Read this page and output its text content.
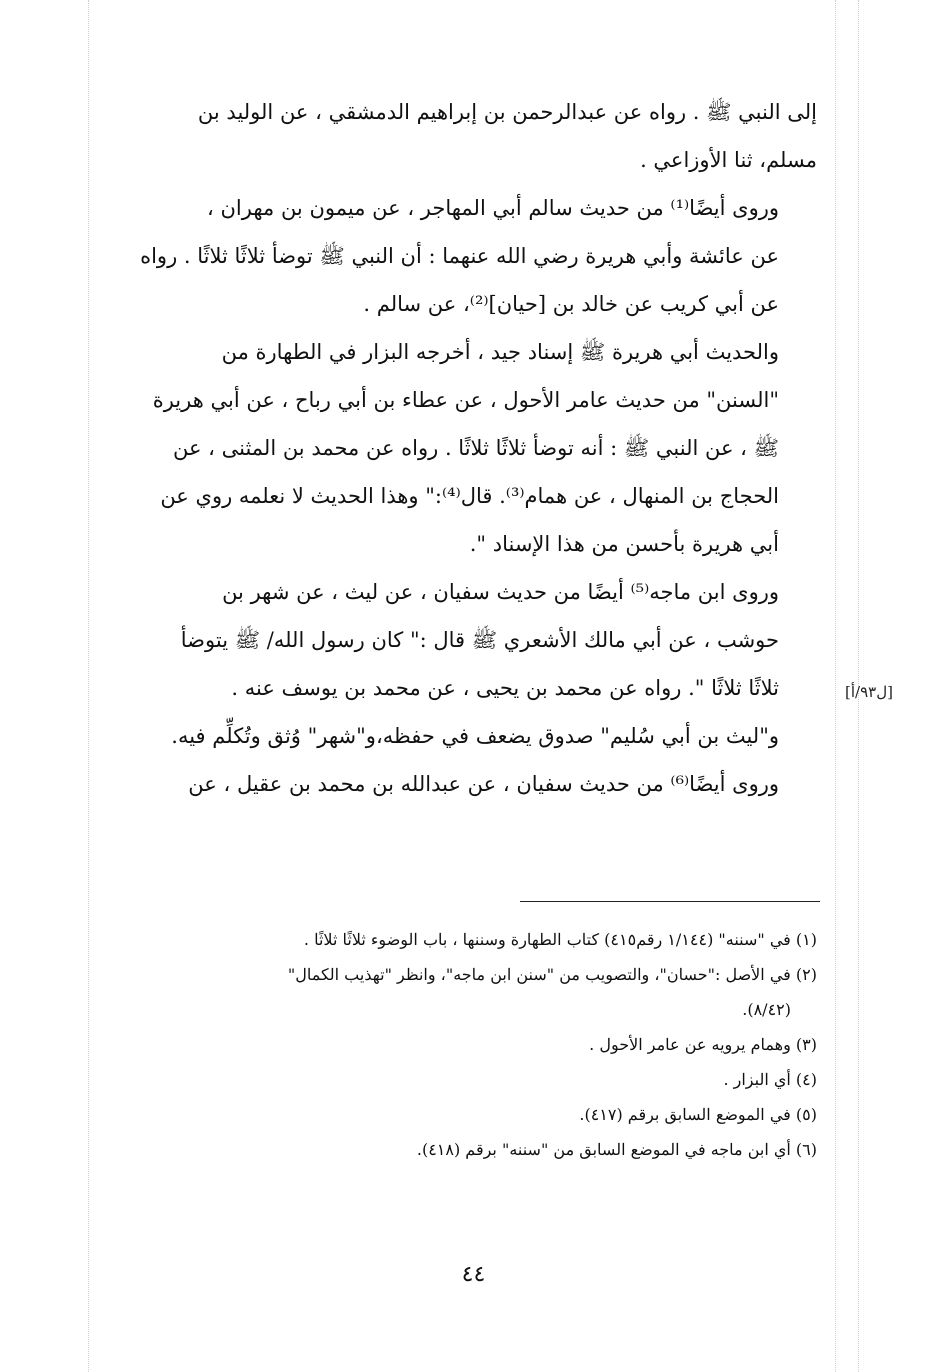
إلى النبي ﷺ . رواه عن عبدالرحمن بن إبراهيم الدمشقي ، عن الوليد بن
مسلم، ثنا الأوزاعي .

وروى أيضًا⁽¹⁾ من حديث سالم أبي المهاجر ، عن ميمون بن مهران ،
عن عائشة وأبي هريرة رضي الله عنهما : أن النبي ﷺ توضأ ثلاثًا ثلاثًا . رواه
عن أبي كريب عن خالد بن [حيان]⁽²⁾، عن سالم .

والحديث أبي هريرة ﷺ إسناد جيد ، أخرجه البزار في الطهارة من
"السنن" من حديث عامر الأحول ، عن عطاء بن أبي رباح ، عن أبي هريرة
ﷺ ، عن النبي ﷺ : أنه توضأ ثلاثًا ثلاثًا . رواه عن محمد بن المثنى ، عن
الحجاج بن المنهال ، عن همام⁽³⁾. قال⁽⁴⁾:" وهذا الحديث لا نعلمه روي عن
أبي هريرة بأحسن من هذا الإسناد ".

وروى ابن ماجه⁽⁵⁾ أيضًا من حديث سفيان ، عن ليث ، عن شهر بن
حوشب ، عن أبي مالك الأشعري ﷺ قال :" كان رسول الله/ ﷺ يتوضأ
ثلاثًا ثلاثًا ". رواه عن محمد بن يحيى ، عن محمد بن يوسف عنه .

و"ليث بن أبي سُليم" صدوق يضعف في حفظه،و"شهر" وُثق وتُكلِّم فيه.

وروى أيضًا⁽⁶⁾ من حديث سفيان ، عن عبدالله بن محمد بن عقيل ، عن

[ل٩٣/أ]

(١) في "سننه" (١/١٤٤ رقم٤١٥) كتاب الطهارة وسننها ، باب الوضوء ثلاثًا ثلاثًا .

(٢) في الأصل :"حسان"، والتصويب من "سنن ابن ماجه"، وانظر "تهذيب الكمال"

(٨/٤٢).

(٣) وهمام يرويه عن عامر الأحول .

(٤) أي البزار .

(٥) في الموضع السابق برقم (٤١٧).

(٦) أي ابن ماجه في الموضع السابق من "سننه" برقم (٤١٨).

٤٤
